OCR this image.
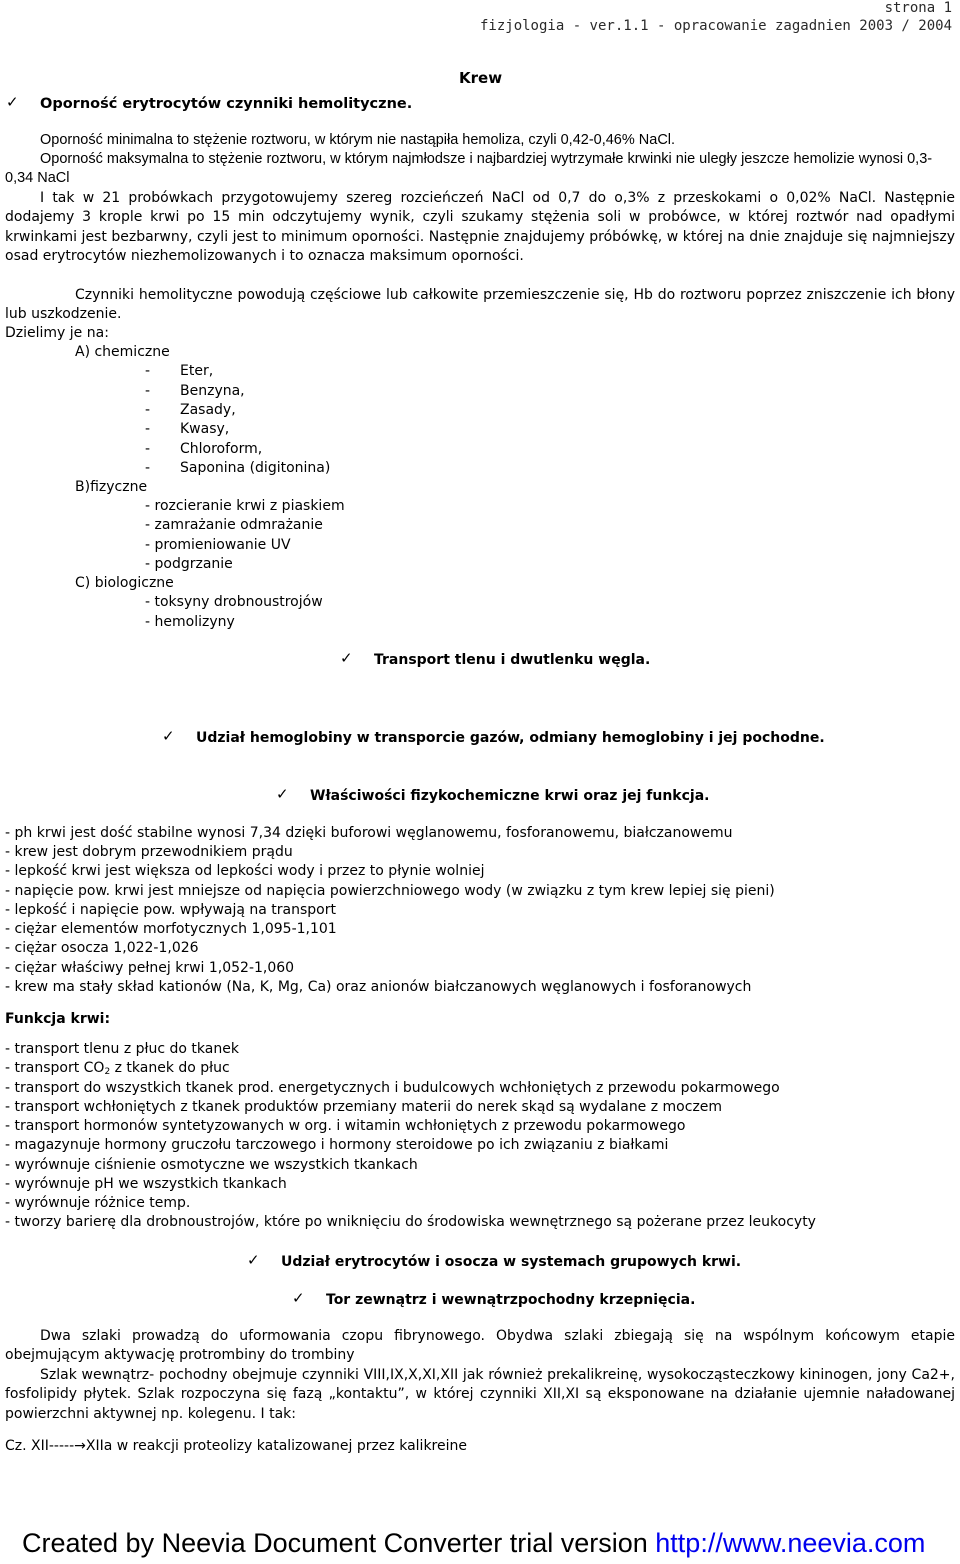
strona 1
fizjologia - ver.1.1 - opracowanie zagadnien 2003 / 2004
Krew
✓ Oporność erytrocytów czynniki hemolityczne.

Oporność minimalna to stężenie roztworu, w którym nie nastąpiła hemoliza, czyli 0,42-0,46% NaCl.

Oporność maksymalna to stężenie roztworu, w którym najmłodsze i najbardziej wytrzymałe krwinki nie uległy jeszcze hemolizie wynosi 0,3-0,34 NaCl

I tak w 21 probówkach przygotowujemy szereg rozcieńczeń NaCl od 0,7 do o,3% z przeskokami o 0,02% NaCl. Następnie dodajemy 3 krople krwi po 15 min odczytujemy wynik, czyli szukamy stężenia soli w probówce, w której roztwór nad opadłymi krwinkami jest bezbarwny, czyli jest to minimum oporności. Następnie znajdujemy próbówkę, w której na dnie znajduje się najmniejszy osad erytrocytów niezhemolizowanych i to oznacza maksimum oporności.

Czynniki hemolityczne powodują częściowe lub całkowite przemieszczenie się, Hb do roztworu poprzez zniszczenie ich błony lub uszkodzenie.

Dzielimy je na:
A) chemiczne
- Eter,
- Benzyna,
- Zasady,
- Kwasy,
- Chloroform,
- Saponina (digitonina)
B)fizyczne
- rozcieranie krwi z piaskiem
- zamrażanie odmrażanie
- promieniowanie UV
- podgrzanie
C) biologiczne
- toksyny drobnoustrojów
- hemolizyny
✓ Transport tlenu i dwutlenku węgla.
✓ Udział hemoglobiny w transporcie gazów, odmiany hemoglobiny i jej pochodne.
✓ Właściwości fizykochemiczne krwi oraz jej funkcja.
- ph krwi jest dość stabilne wynosi 7,34 dzięki buforowi węglanowemu, fosforanowemu, białczanowemu
- krew jest dobrym przewodnikiem prądu
- lepkość krwi jest większa od lepkości wody i przez to płynie wolniej
- napięcie pow. krwi jest mniejsze od napięcia powierzchniowego wody (w związku z tym krew lepiej się pieni)
- lepkość i napięcie pow. wpływają na transport
- ciężar elementów morfotycznych 1,095-1,101
- ciężar osocza 1,022-1,026
- ciężar właściwy pełnej krwi 1,052-1,060
- krew ma stały skład kationów (Na, K, Mg, Ca) oraz anionów białczanowych węglanowych i fosforanowych
Funkcja krwi:
- transport tlenu z płuc do tkanek
- transport $CO_2$ z tkanek do płuc
- transport do wszystkich tkanek prod. energetycznych i budulcowych wchłoniętych z przewodu pokarmowego
- transport wchłoniętych z tkanek produktów przemiany materii do nerek skąd są wydalane z moczem
- transport hormonów syntetyzowanych w org. i witamin wchłoniętych z przewodu pokarmowego
- magazynuje hormony gruczołu tarczowego i hormony steroidowe po ich związaniu z białkami
- wyrównuje ciśnienie osmotyczne we wszystkich tkankach
- wyrównuje pH we wszystkich tkankach
- wyrównuje różnice temp.
- tworzy barierę dla drobnoustrojów, które po wniknięciu do środowiska wewnętrznego są pożerane przez leukocyty
✓ Udział erytrocytów i osocza w systemach grupowych krwi.
✓ Tor zewnątrz i wewnątrzpochodny krzepnięcia.

Dwa szlaki prowadzą do uformowania czopu fibrynowego. Obydwa szlaki zbiegają się na wspólnym końcowym etapie obejmującym aktywację protrombiny do trombiny

Szlak wewnątrz- pochodny obejmuje czynniki VIII,IX,X,XI,XII jak również prekalikreinę, wysokocząsteczkowy kininogen, jony Ca2+, fosfolipidy płytek. Szlak rozpoczyna się fazą „kontaktu”, w której czynniki XII,XI są eksponowane na działanie ujemnie naładowanej powierzchni aktywnej np. kolegenu. I tak:

Cz. XII-----→XIIa w reakcji proteolizy katalizowanej przez kalikreine
Created by Neevia Document Converter trial version http://www.neevia.com
